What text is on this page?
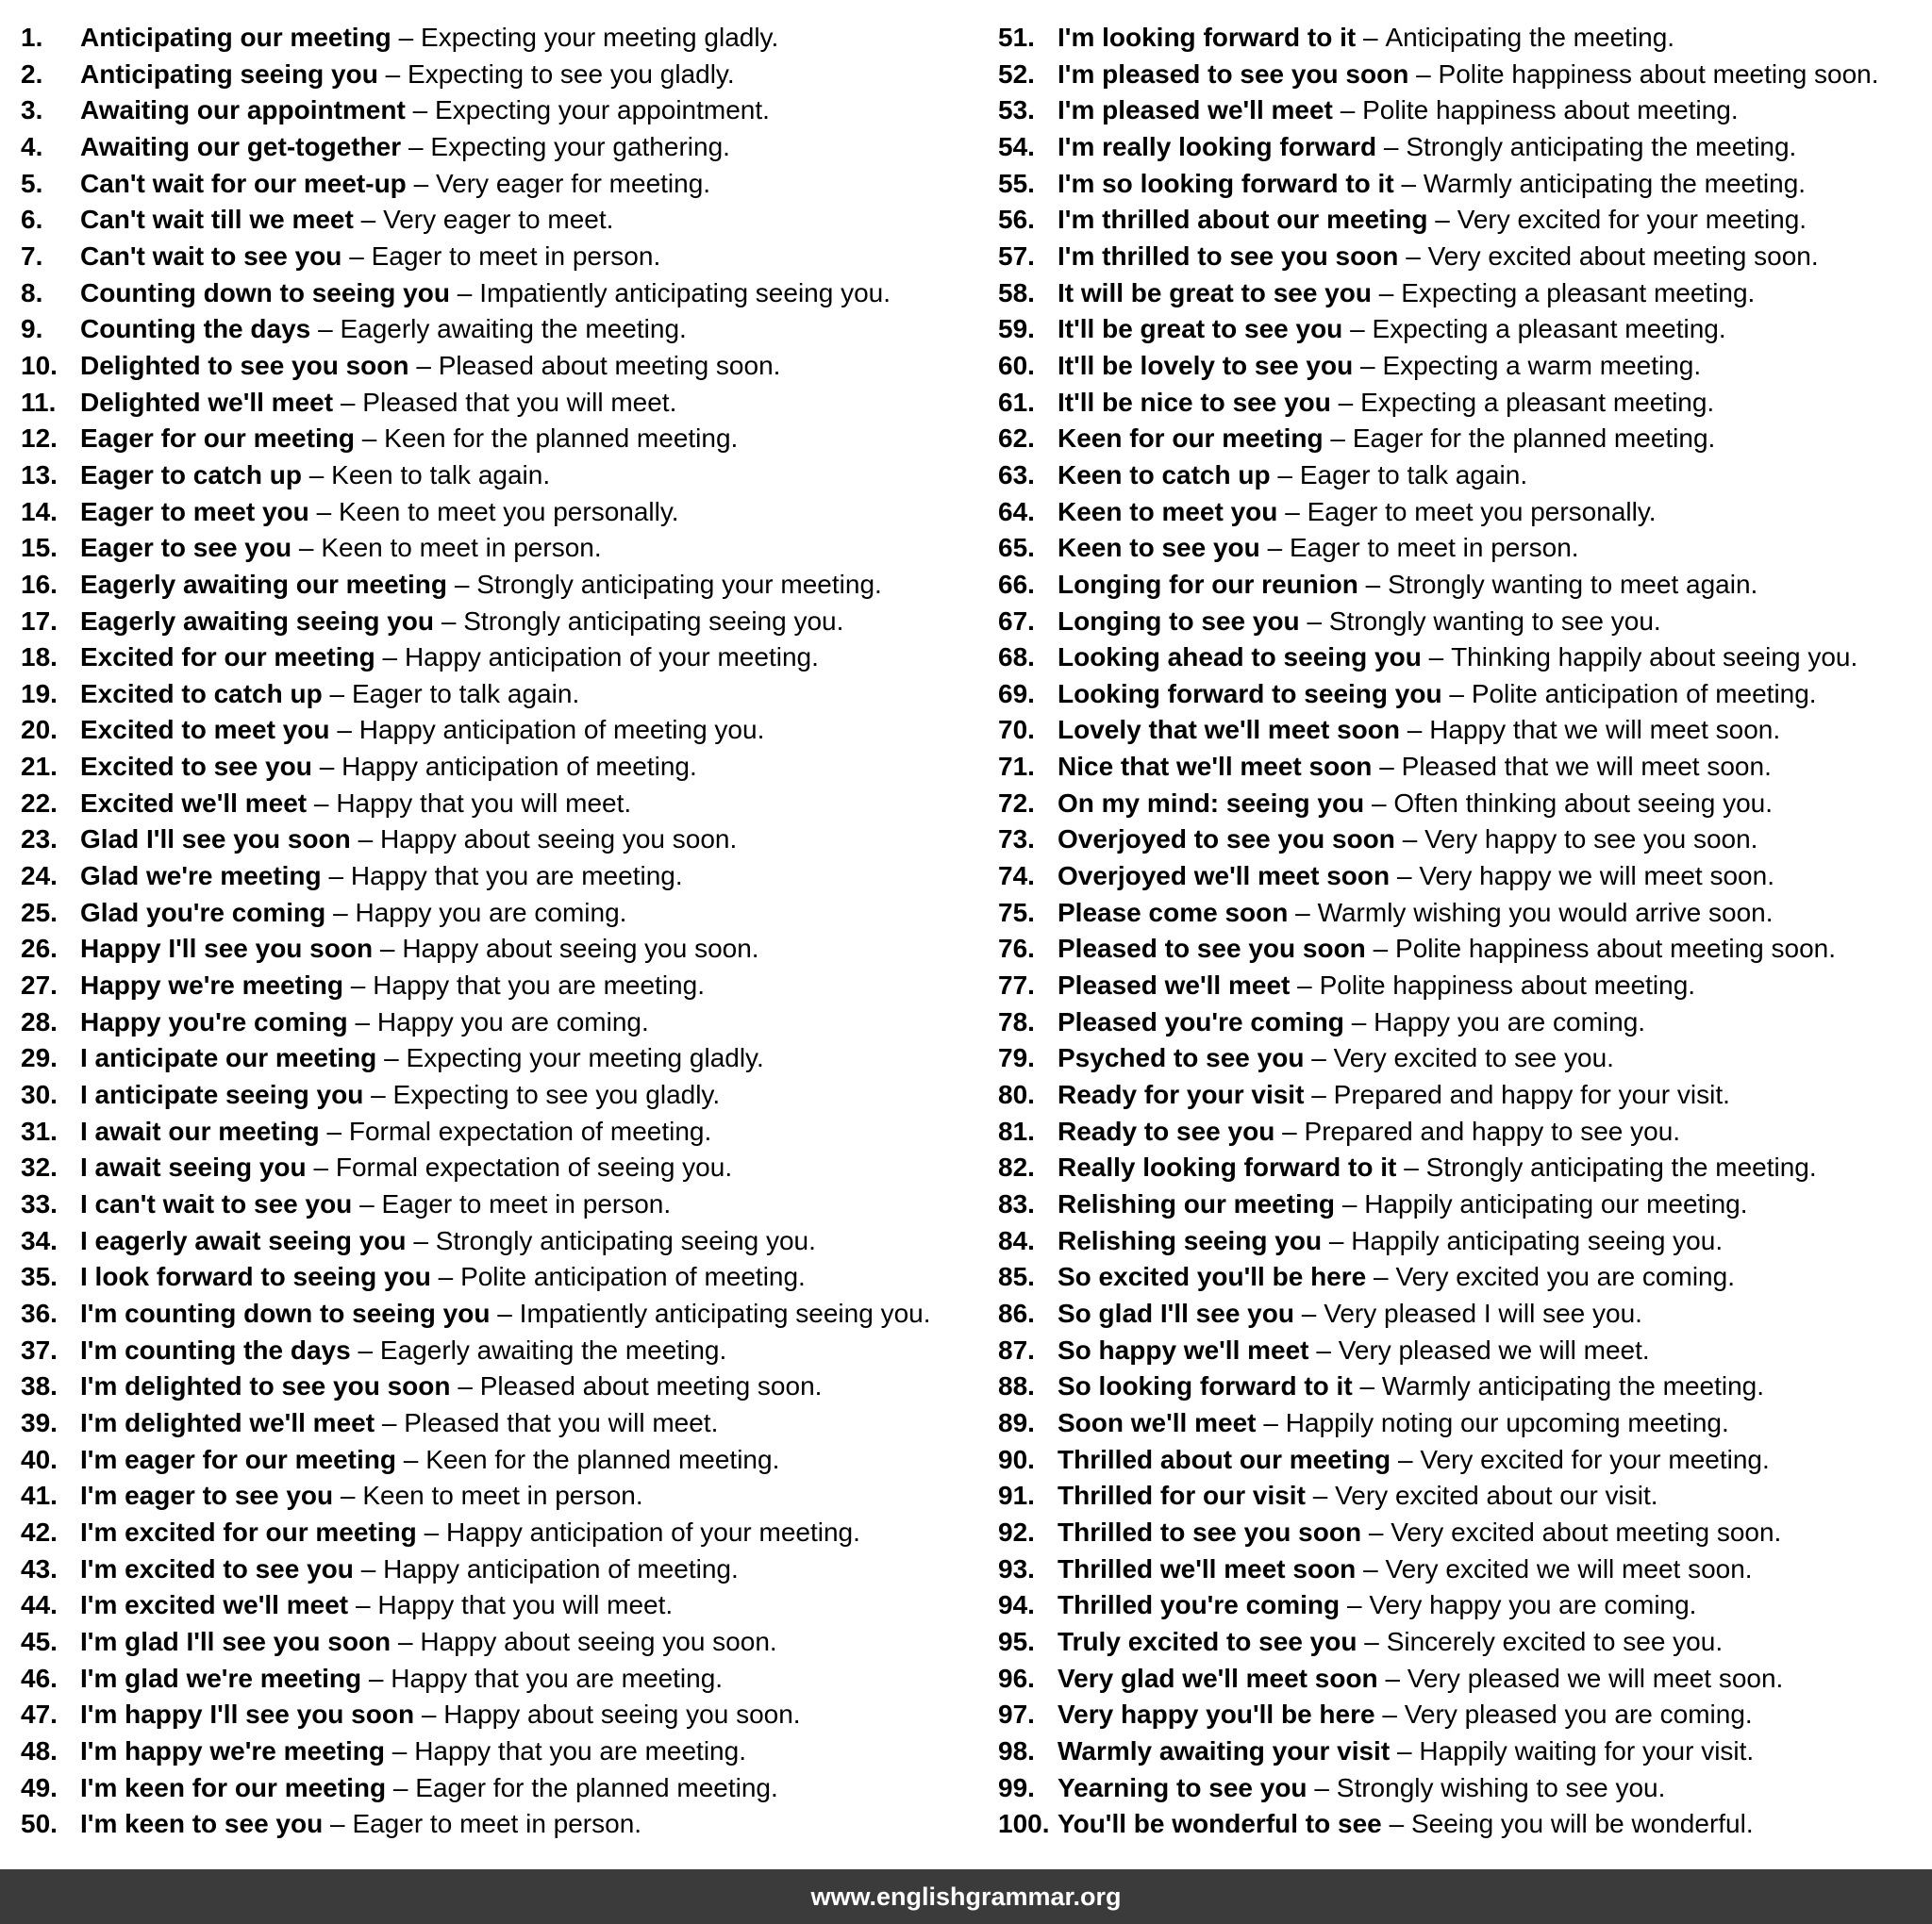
1.	Anticipating our meeting – Expecting your meeting gladly.
2.	Anticipating seeing you – Expecting to see you gladly.
3.	Awaiting our appointment – Expecting your appointment.
4.	Awaiting our get-together – Expecting your gathering.
5.	Can't wait for our meet-up – Very eager for meeting.
6.	Can't wait till we meet – Very eager to meet.
7.	Can't wait to see you – Eager to meet in person.
8.	Counting down to seeing you – Impatiently anticipating seeing you.
9.	Counting the days – Eagerly awaiting the meeting.
10. Delighted to see you soon – Pleased about meeting soon.
11. Delighted we'll meet – Pleased that you will meet.
12. Eager for our meeting – Keen for the planned meeting.
13. Eager to catch up – Keen to talk again.
14. Eager to meet you – Keen to meet you personally.
15. Eager to see you – Keen to meet in person.
16. Eagerly awaiting our meeting – Strongly anticipating your meeting.
17. Eagerly awaiting seeing you – Strongly anticipating seeing you.
18. Excited for our meeting – Happy anticipation of your meeting.
19. Excited to catch up – Eager to talk again.
20. Excited to meet you – Happy anticipation of meeting you.
21. Excited to see you – Happy anticipation of meeting.
22. Excited we'll meet – Happy that you will meet.
23. Glad I'll see you soon – Happy about seeing you soon.
24. Glad we're meeting – Happy that you are meeting.
25. Glad you're coming – Happy you are coming.
26. Happy I'll see you soon – Happy about seeing you soon.
27. Happy we're meeting – Happy that you are meeting.
28. Happy you're coming – Happy you are coming.
29. I anticipate our meeting – Expecting your meeting gladly.
30. I anticipate seeing you – Expecting to see you gladly.
31. I await our meeting – Formal expectation of meeting.
32. I await seeing you – Formal expectation of seeing you.
33. I can't wait to see you – Eager to meet in person.
34. I eagerly await seeing you – Strongly anticipating seeing you.
35. I look forward to seeing you – Polite anticipation of meeting.
36. I'm counting down to seeing you – Impatiently anticipating seeing you.
37. I'm counting the days – Eagerly awaiting the meeting.
38. I'm delighted to see you soon – Pleased about meeting soon.
39. I'm delighted we'll meet – Pleased that you will meet.
40. I'm eager for our meeting – Keen for the planned meeting.
41. I'm eager to see you – Keen to meet in person.
42. I'm excited for our meeting – Happy anticipation of your meeting.
43. I'm excited to see you – Happy anticipation of meeting.
44. I'm excited we'll meet – Happy that you will meet.
45. I'm glad I'll see you soon – Happy about seeing you soon.
46. I'm glad we're meeting – Happy that you are meeting.
47. I'm happy I'll see you soon – Happy about seeing you soon.
48. I'm happy we're meeting – Happy that you are meeting.
49. I'm keen for our meeting – Eager for the planned meeting.
50. I'm keen to see you – Eager to meet in person.
51. I'm looking forward to it – Anticipating the meeting.
52. I'm pleased to see you soon – Polite happiness about meeting soon.
53. I'm pleased we'll meet – Polite happiness about meeting.
54. I'm really looking forward – Strongly anticipating the meeting.
55. I'm so looking forward to it – Warmly anticipating the meeting.
56. I'm thrilled about our meeting – Very excited for your meeting.
57. I'm thrilled to see you soon – Very excited about meeting soon.
58. It will be great to see you – Expecting a pleasant meeting.
59. It'll be great to see you – Expecting a pleasant meeting.
60. It'll be lovely to see you – Expecting a warm meeting.
61. It'll be nice to see you – Expecting a pleasant meeting.
62. Keen for our meeting – Eager for the planned meeting.
63. Keen to catch up – Eager to talk again.
64. Keen to meet you – Eager to meet you personally.
65. Keen to see you – Eager to meet in person.
66. Longing for our reunion – Strongly wanting to meet again.
67. Longing to see you – Strongly wanting to see you.
68. Looking ahead to seeing you – Thinking happily about seeing you.
69. Looking forward to seeing you – Polite anticipation of meeting.
70. Lovely that we'll meet soon – Happy that we will meet soon.
71. Nice that we'll meet soon – Pleased that we will meet soon.
72. On my mind: seeing you – Often thinking about seeing you.
73. Overjoyed to see you soon – Very happy to see you soon.
74. Overjoyed we'll meet soon – Very happy we will meet soon.
75. Please come soon – Warmly wishing you would arrive soon.
76. Pleased to see you soon – Polite happiness about meeting soon.
77. Pleased we'll meet – Polite happiness about meeting.
78. Pleased you're coming – Happy you are coming.
79. Psyched to see you – Very excited to see you.
80. Ready for your visit – Prepared and happy for your visit.
81. Ready to see you – Prepared and happy to see you.
82. Really looking forward to it – Strongly anticipating the meeting.
83. Relishing our meeting – Happily anticipating our meeting.
84. Relishing seeing you – Happily anticipating seeing you.
85. So excited you'll be here – Very excited you are coming.
86. So glad I'll see you – Very pleased I will see you.
87. So happy we'll meet – Very pleased we will meet.
88. So looking forward to it – Warmly anticipating the meeting.
89. Soon we'll meet – Happily noting our upcoming meeting.
90. Thrilled about our meeting – Very excited for your meeting.
91. Thrilled for our visit – Very excited about our visit.
92. Thrilled to see you soon – Very excited about meeting soon.
93. Thrilled we'll meet soon – Very excited we will meet soon.
94. Thrilled you're coming – Very happy you are coming.
95. Truly excited to see you – Sincerely excited to see you.
96. Very glad we'll meet soon – Very pleased we will meet soon.
97. Very happy you'll be here – Very pleased you are coming.
98. Warmly awaiting your visit – Happily waiting for your visit.
99. Yearning to see you – Strongly wishing to see you.
100. You'll be wonderful to see – Seeing you will be wonderful.
www.englishgrammar.org
